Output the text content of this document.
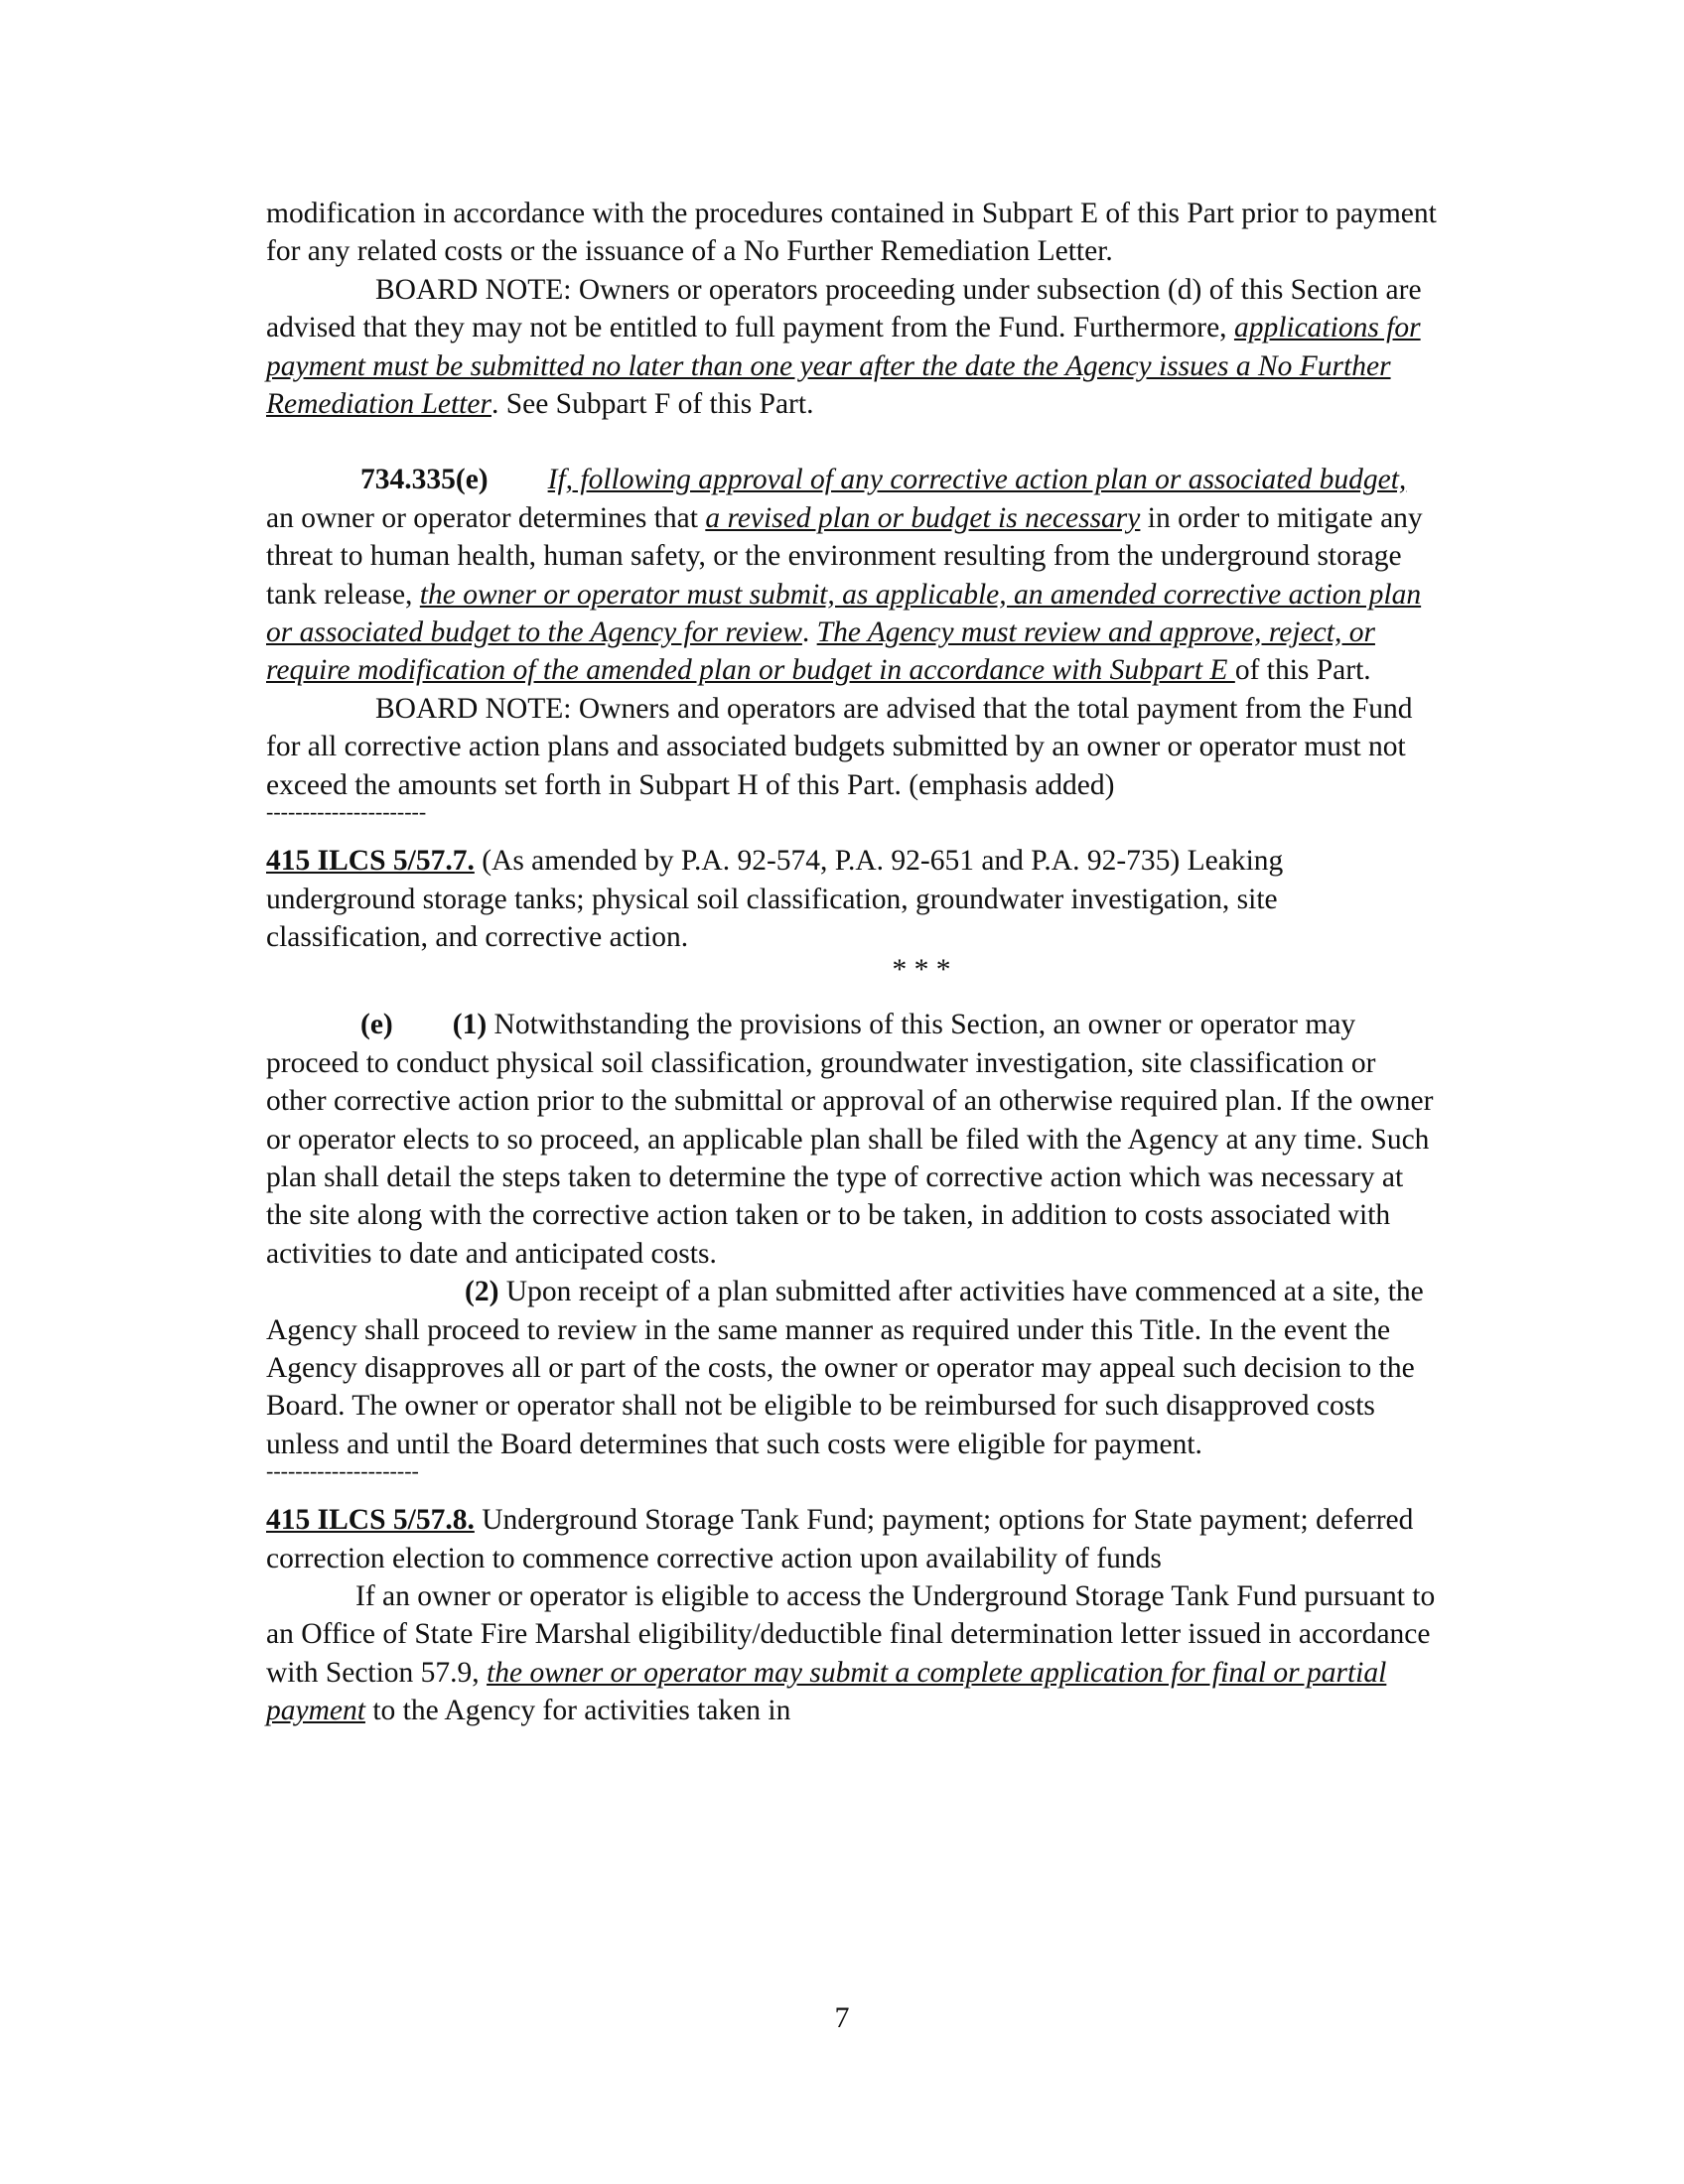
modification in accordance with the procedures contained in Subpart E of this Part prior to payment for any related costs or the issuance of a No Further Remediation Letter.

BOARD NOTE: Owners or operators proceeding under subsection (d) of this Section are advised that they may not be entitled to full payment from the Fund. Furthermore, applications for payment must be submitted no later than one year after the date the Agency issues a No Further Remediation Letter. See Subpart F of this Part.

734.335(e) If, following approval of any corrective action plan or associated budget, an owner or operator determines that a revised plan or budget is necessary in order to mitigate any threat to human health, human safety, or the environment resulting from the underground storage tank release, the owner or operator must submit, as applicable, an amended corrective action plan or associated budget to the Agency for review. The Agency must review and approve, reject, or require modification of the amended plan or budget in accordance with Subpart E of this Part.

BOARD NOTE: Owners and operators are advised that the total payment from the Fund for all corrective action plans and associated budgets submitted by an owner or operator must not exceed the amounts set forth in Subpart H of this Part. (emphasis added)

----------------------

415 ILCS 5/57.7. (As amended by P.A. 92-574, P.A. 92-651 and P.A. 92-735) Leaking underground storage tanks; physical soil classification, groundwater investigation, site classification, and corrective action.

* * *

(e) (1) Notwithstanding the provisions of this Section, an owner or operator may proceed to conduct physical soil classification, groundwater investigation, site classification or other corrective action prior to the submittal or approval of an otherwise required plan. If the owner or operator elects to so proceed, an applicable plan shall be filed with the Agency at any time. Such plan shall detail the steps taken to determine the type of corrective action which was necessary at the site along with the corrective action taken or to be taken, in addition to costs associated with activities to date and anticipated costs.

(2) Upon receipt of a plan submitted after activities have commenced at a site, the Agency shall proceed to review in the same manner as required under this Title. In the event the Agency disapproves all or part of the costs, the owner or operator may appeal such decision to the Board. The owner or operator shall not be eligible to be reimbursed for such disapproved costs unless and until the Board determines that such costs were eligible for payment.

---------------------

415 ILCS 5/57.8. Underground Storage Tank Fund; payment; options for State payment; deferred correction election to commence corrective action upon availability of funds

If an owner or operator is eligible to access the Underground Storage Tank Fund pursuant to an Office of State Fire Marshal eligibility/deductible final determination letter issued in accordance with Section 57.9, the owner or operator may submit a complete application for final or partial payment to the Agency for activities taken in

7
